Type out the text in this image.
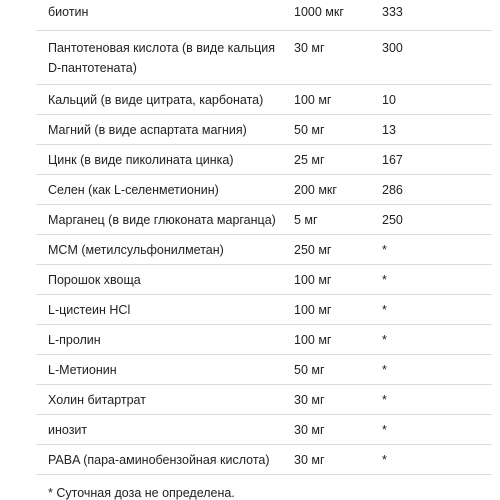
биотин	1000 мкг	333
Пантотеновая кислота (в виде кальция D-пантотената)	30 мг	300
Кальций (в виде цитрата, карбоната)	100 мг	10
Магний (в виде аспартата магния)	50 мг	13
Цинк (в виде пиколината цинка)	25 мг	167
Селен (как L-селенметионин)	200 мкг	286
Марганец (в виде глюконата марганца)	5 мг	250
MCM (метилсульфонилметан)	250 мг	*
Порошок хвоща	100 мг	*
L-цистеин HCl	100 мг	*
L-пролин	100 мг	*
L-Метионин	50 мг	*
Холин битартрат	30 мг	*
инозит	30 мг	*
PABA (пара-аминобензойная кислота)	30 мг	*
* Суточная доза не определена.
